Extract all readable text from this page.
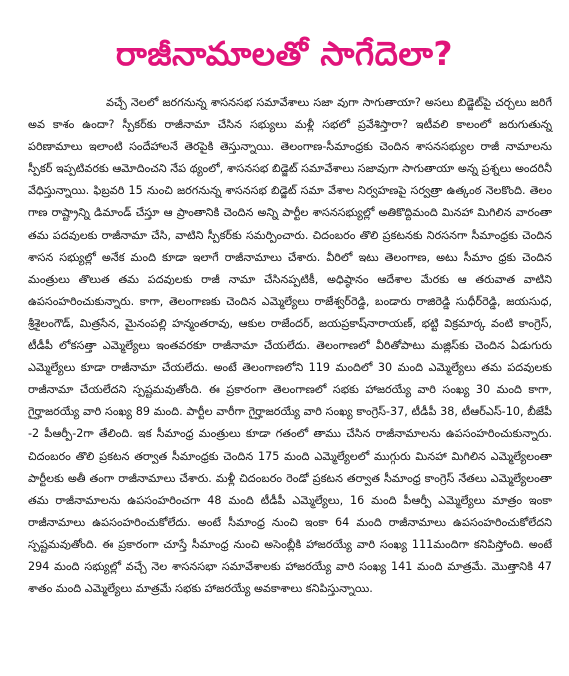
రాజీనామాలతో సాగేదెలా?

వచ్చే నెలలో జరగనున్న శాసనసభ సమావేశాలు సజా వుగా సాగుతాయా? అసలు బిడ్జెట్‌పై చర్చలు జరిగే అవ కాశం ఉందా? స్పీకర్‌కు రాజీనామా చేసిన సభ్యులు మళ్లీ సభలో ప్రవేశిస్తారా? ఇటీవలి కాలంలో జరుగుతున్న పరిణామాలు ఇలాంటి సందేహాలనే తెరపైకి తెస్తున్నాయి. తెలంగాణ-సీమాంధ్రకు చెందిన శాసనసభ్యుల రాజీ నామాలను స్పీకర్ ఇప్పటివరకు ఆమోదించని నేప థ్యంలో, శాసనసభ బిడ్జెట్ సమావేశాలు సజావుగా సాగుతాయా అన్న ప్రశ్నలు అందరినీ వేధిస్తున్నాయి. ఫిబ్రవరి 15 నుంచి జరగనున్న శాసనసభ బిడ్జెట్ సమా వేశాల నిర్వహణపై సర్వత్రా ఉత్కంఠ నెలకొంది. తెలం గాణ రాష్ట్రాన్ని డిమాండ్ చేస్తూ ఆ ప్రాంతానికి చెందిన అన్ని పార్టీల శాసనసభ్యుల్లో అతికొద్దిమంది మినహా మిగిలిన వారంతా తమ పదవులకు రాజీనామా చేసి, వాటిని స్పీకర్‌కు సమర్పించారు. చిదంబరం తొలి ప్రకటనకు నిరసనగా సీమాంధ్రకు చెందిన శాసన సభ్యుల్లో అనేక మంది కూడా ఇలాగే రాజీనామాలు చేశారు. వీరిలో ఇటు తెలంగాణ, అటు సీమాం ధ్రకు చెందిన మంత్రులు తొలుత తమ పదవులకు రాజీ నామా చేసినప్పటికీ, అధిష్ఠానం ఆదేశాల మేరకు ఆ తరువాత వాటిని ఉపసంహరించుకున్నారు. కాగా, తెలంగాణకు చెందిన ఎమ్మెల్యేలు రాజేశ్వర్‌రెడ్డి, బండారు రాజిరెడ్డి సుధీర్‌రెడ్డి, జయసుధ, శ్రీశైలంగౌడ్, మిత్రసేన, మైనంపల్లి హన్మంతరావు, ఆకుల రాజేందర్, జయప్రకాష్‌నారాయణ్, భట్టి విక్రమార్క వంటి కాంగ్రెస్, టీడీపీ లోకసత్తా ఎమ్మెల్యేలు ఇంతవరకూ రాజీనామా చేయలేదు. తెలంగాణలో వీరితోపాటు మజ్లిస్‌కు చెందిన ఏడుగురు ఎమ్మెల్యేలు కూడా రాజీనామా చేయలేదు. అంటే తెలంగాణలోని 119 మందిలో 30 మంది ఎమ్మెల్యేలు తమ పదవులకు రాజీనామా చేయలేదని స్పష్టమవుతోంది. ఈ ప్రకారంగా తెలంగాణలో సభకు హాజరయ్యే వారి సంఖ్య 30 మంది కాగా, గైర్హాజరయ్యే వారి సంఖ్య 89 మంది. పార్టీల వారీగా గైర్హాజరయ్యే వారి సంఖ్య కాంగ్రెస్-37, టీడీపీ 38, టీఆర్ఎస్-10, బీజేపీ -2 పీఆర్పీ-2గా తేలింది. ఇక సీమాంధ్ర మంత్రులు కూడా గతంలో తాము చేసిన రాజీనామాలను ఉపసంహరించుకున్నారు. చిదంబరం తొలి ప్రకటన తర్వాత సీమాంధ్రకు చెందిన 175 మంది ఎమ్మెల్యేలలో ముగ్గురు మినహా మిగిలిన ఎమ్మెల్యేలంతా పార్టీలకు అతీ తంగా రాజీనామాలు చేశారు. మళ్లీ చిదంబరం రెండో ప్రకటన తర్వాత సీమాంధ్ర కాంగ్రెస్ నేతలు ఎమ్మెల్యేలంతా తమ రాజీనామాలను ఉపసంహరించగా 48 మంది టీడీపీ ఎమ్మెల్యేలు, 16 మంది పీఆర్పీ ఎమ్మెల్యేలు మాత్రం ఇంకా రాజీనామాలు ఉపసంహరించుకోలేదు. అంటే సీమాంధ్ర నుంచి ఇంకా 64 మంది రాజీనామాలు ఉపసంహరించుకోలేదని స్పష్టమవుతోంది. ఈ ప్రకారంగా చూస్తే సీమాంధ్ర నుంచి అసెంబ్లీకి హాజరయ్యే వారి సంఖ్య 111మందిగా కనిపిస్తోంది. అంటే 294 మంది సభ్యుల్లో వచ్చే నెల శాసనసభా సమావేశాలకు హాజరయ్యే వారి సంఖ్య 141 మంది మాత్రమే. మొత్తానికి 47 శాతం మంది ఎమ్మెల్యేలు మాత్రమే సభకు హాజరయ్యే అవకాశాలు కనిపిస్తున్నాయి.
